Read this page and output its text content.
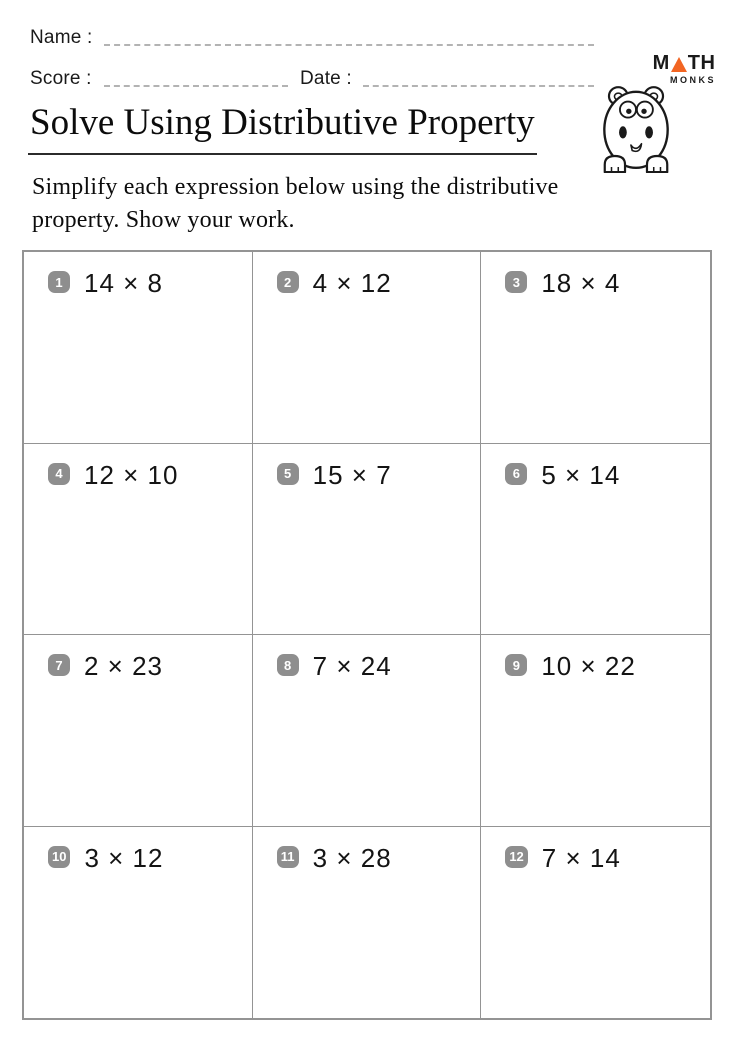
Name :
Score :	Date :
M TH
MONKS
Solve Using Distributive Property
Simplify each expression below using the distributive
property. Show your work.
1 14 × 8	2 4 × 12	3 18 × 4
4 12 × 10	5 15 × 7	6 5 × 14
7 2 × 23	8 7 × 24	9 10 × 22
10 3 × 12	11 3 × 28	12 7 × 14
